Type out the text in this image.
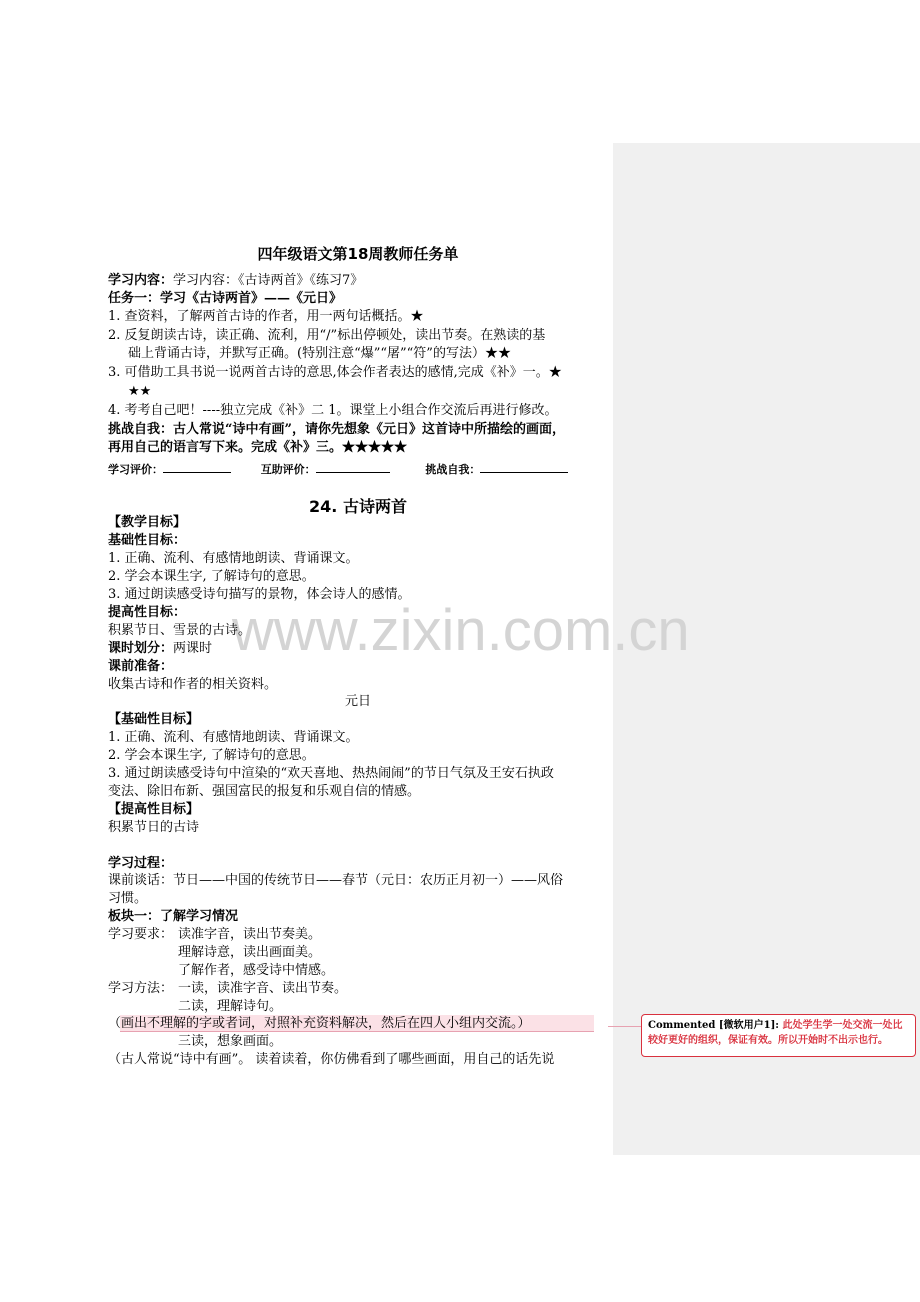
www.zixin.com.cn
四年级语文第18周教师任务单
学习内容：学习内容：《古诗两首》《练习7》
任务一：学习《古诗两首》——《元日》
1. 查资料，了解两首古诗的作者，用一两句话概括。★
2. 反复朗读古诗，读正确、流利，用“/”标出停顿处，读出节奏。在熟读的基
础上背诵古诗，并默写正确。(特别注意“爆”“屠”“符”的写法）★★
3. 可借助工具书说一说两首古诗的意思,体会作者表达的感情,完成《补》一。★
★★
4. 考考自己吧！----独立完成《补》二 1。课堂上小组合作交流后再进行修改。
挑战自我：古人常说“诗中有画”，请你先想象《元日》这首诗中所描绘的画面，
再用自己的语言写下来。完成《补》三。★★★★★
学习评价：	互助评价：	挑战自我：
24. 古诗两首
【教学目标】
基础性目标：
1. 正确、流利、有感情地朗读、背诵课文。
2. 学会本课生字, 了解诗句的意思。
3. 通过朗读感受诗句描写的景物，体会诗人的感情。
提高性目标：
积累节日、雪景的古诗。
课时划分：两课时
课前准备：
收集古诗和作者的相关资料。
元日
【基础性目标】
1. 正确、流利、有感情地朗读、背诵课文。
2. 学会本课生字, 了解诗句的意思。
3. 通过朗读感受诗句中渲染的“欢天喜地、热热闹闹”的节日气氛及王安石执政
变法、除旧布新、强国富民的报复和乐观自信的情感。
【提高性目标】
积累节日的古诗
学习过程：
课前谈话：节日——中国的传统节日——春节（元日：农历正月初一）——风俗
习惯。
板块一：了解学习情况
学习要求： 读准字音，读出节奏美。
理解诗意，读出画面美。
了解作者，感受诗中情感。
学习方法： 一读，读准字音、读出节奏。
二读，理解诗句。
（画出不理解的字或者词，对照补充资料解决，然后在四人小组内交流。）
三读，想象画面。
（古人常说“诗中有画”。 读着读着，你仿佛看到了哪些画面，用自己的话先说
Commented [微软用户1]: 此处学生学一处交流一处比
较好更好的组织，保证有效。所以开始时不出示也行。
